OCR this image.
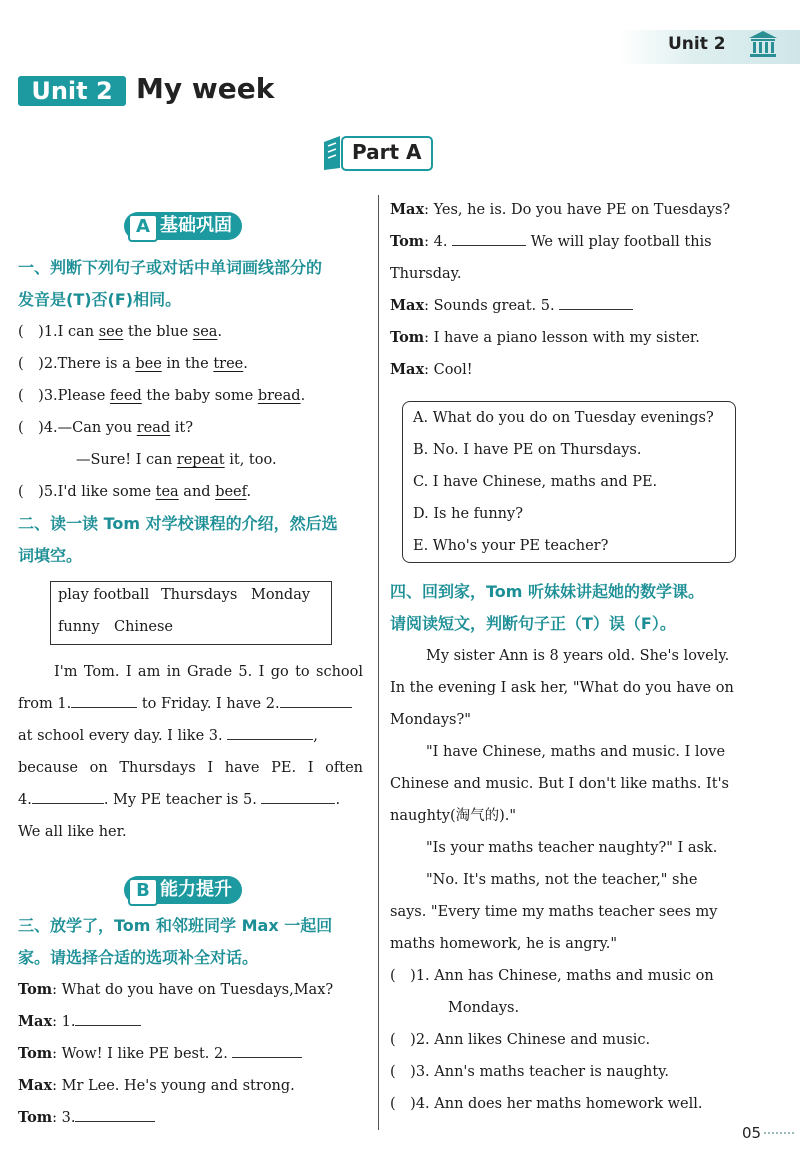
Unit 2
Unit 2 My week
Part A
A 基础巩固
一、判断下列句子或对话中单词画线部分的
发音是(T)否(F)相同。
(　)1.I can see the blue sea.
(　)2.There is a bee in the tree.
(　)3.Please feed the baby some bread.
(　)4.—Can you read it?
—Sure! I can repeat it, too.
(　)5.I'd like some tea and beef.
二、读一读 Tom 对学校课程的介绍，然后选
词填空。
play football Thursdays Monday
funny Chinese
I'm Tom. I am in Grade 5. I go to school
from 1.	to Friday. I have 2.
at school every day. I like 3.	,
because on Thursdays I have PE. I often
4.	. My PE teacher is 5.	.
We all like her.
B 能力提升
三、放学了，Tom 和邻班同学 Max 一起回
家。请选择合适的选项补全对话。
Tom: What do you have on Tuesdays,Max?
Max: 1.
Tom: Wow! I like PE best. 2.
Max: Mr Lee. He's young and strong.
Tom: 3.
Max: Yes, he is. Do you have PE on Tuesdays?
Tom: 4.	We will play football this
Thursday.
Max: Sounds great. 5.
Tom: I have a piano lesson with my sister.
Max: Cool!
A. What do you do on Tuesday evenings?
B. No. I have PE on Thursdays.
C. I have Chinese, maths and PE.
D. Is he funny?
E. Who's your PE teacher?
四、回到家，Tom 听妹妹讲起她的数学课。
请阅读短文，判断句子正（T）误（F）。
My sister Ann is 8 years old. She's lovely.
In the evening I ask her, "What do you have on
Mondays?"
"I have Chinese, maths and music. I love
Chinese and music. But I don't like maths. It's
naughty(淘气的)."
"Is your maths teacher naughty?" I ask.
"No. It's maths, not the teacher," she
says. "Every time my maths teacher sees my
maths homework, he is angry."
(　)1. Ann has Chinese, maths and music on
Mondays.
(　)2. Ann likes Chinese and music.
(　)3. Ann's maths teacher is naughty.
(　)4. Ann does her maths homework well.
05
